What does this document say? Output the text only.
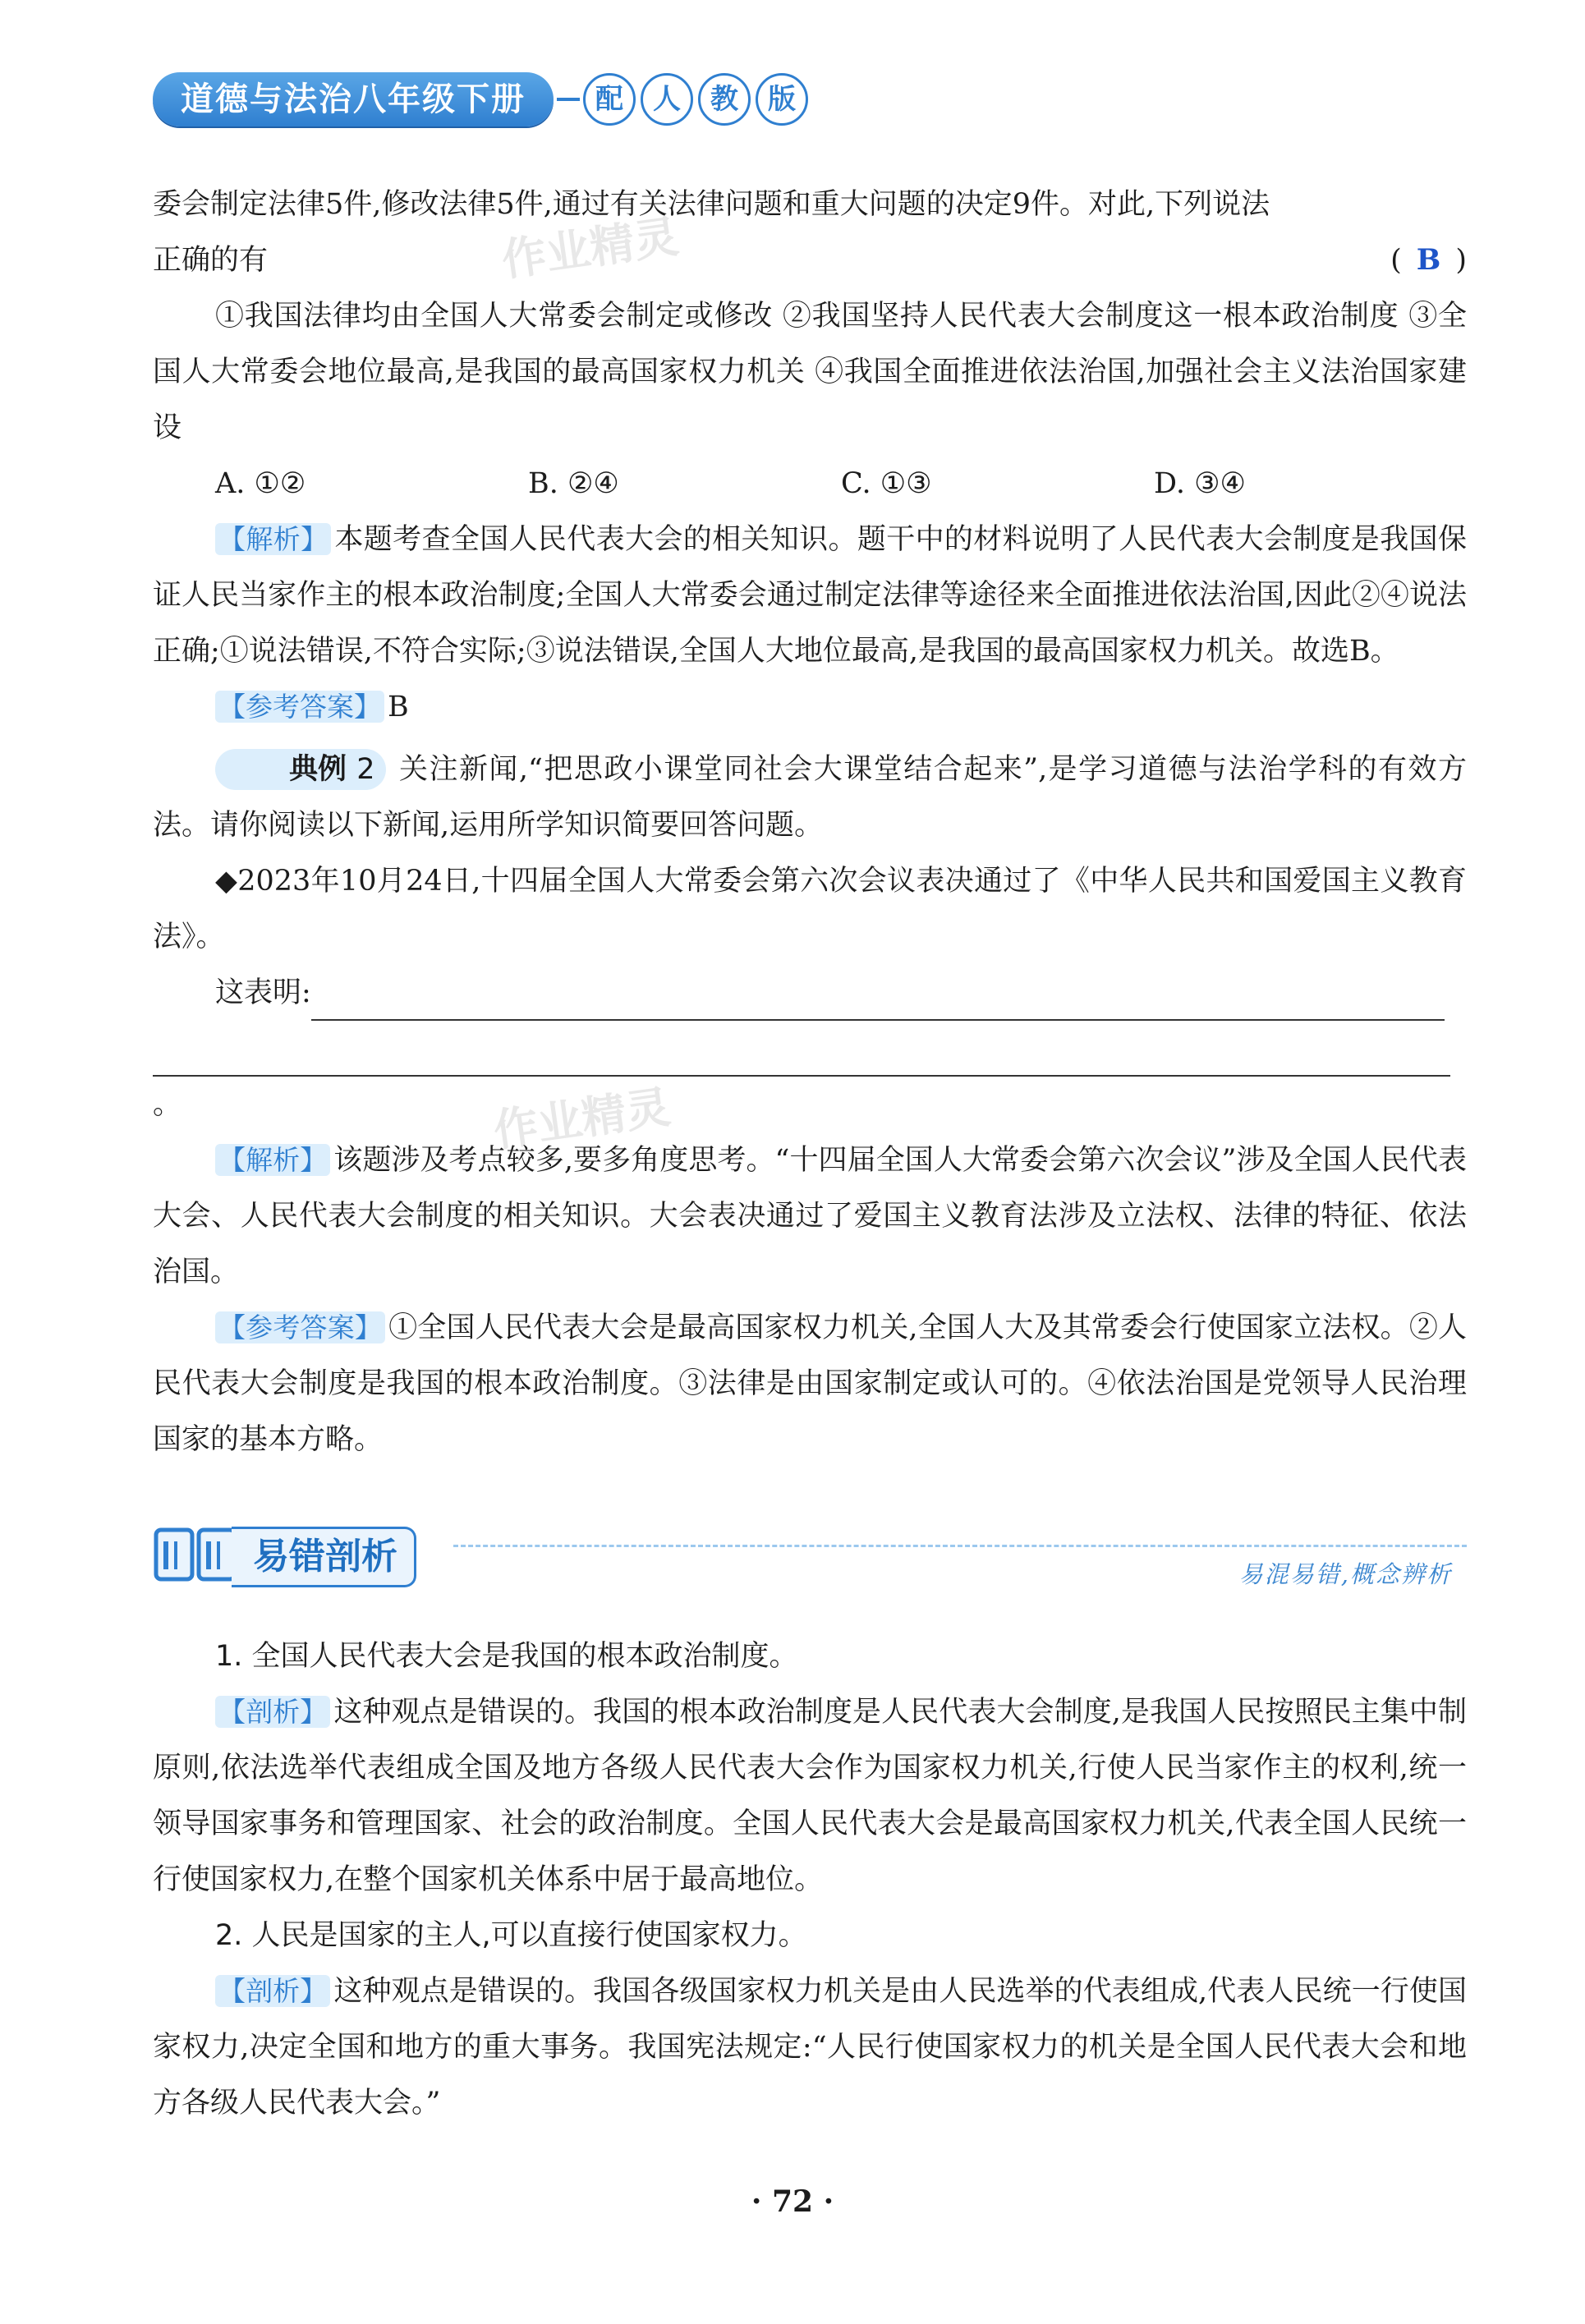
道德与法治八年级下册	配	人	教	版
作业精灵
作业精灵

委会制定法律5件,修改法律5件,通过有关法律问题和重大问题的决定9件。对此,下列说法

正确的有	( B )

①我国法律均由全国人大常委会制定或修改 ②我国坚持人民代表大会制度这一根本政治制度 ③全国人大常委会地位最高,是我国的最高国家权力机关 ④我国全面推进依法治国,加强社会主义法治国家建设

A. ①②	B. ②④	C. ①③	D. ③④

【解析】 本题考查全国人民代表大会的相关知识。题干中的材料说明了人民代表大会制度是我国保证人民当家作主的根本政治制度;全国人大常委会通过制定法律等途径来全面推进依法治国,因此②④说法正确;①说法错误,不符合实际;③说法错误,全国人大地位最高,是我国的最高国家权力机关。故选B。

【参考答案】 B

典例 2 关注新闻,“把思政小课堂同社会大课堂结合起来”,是学习道德与法治学科的有效方法。请你阅读以下新闻,运用所学知识简要回答问题。

◆2023年10月24日,十四届全国人大常委会第六次会议表决通过了《中华人民共和国爱国主义教育法》。

这表明:

。

【解析】 该题涉及考点较多,要多角度思考。“十四届全国人大常委会第六次会议”涉及全国人民代表大会、人民代表大会制度的相关知识。大会表决通过了爱国主义教育法涉及立法权、法律的特征、依法治国。

【参考答案】 ①全国人民代表大会是最高国家权力机关,全国人大及其常委会行使国家立法权。②人民代表大会制度是我国的根本政治制度。③法律是由国家制定或认可的。④依法治国是党领导人民治理国家的基本方略。

易错剖析	易混易错,概念辨析

1. 全国人民代表大会是我国的根本政治制度。

【剖析】 这种观点是错误的。我国的根本政治制度是人民代表大会制度,是我国人民按照民主集中制原则,依法选举代表组成全国及地方各级人民代表大会作为国家权力机关,行使人民当家作主的权利,统一领导国家事务和管理国家、社会的政治制度。全国人民代表大会是最高国家权力机关,代表全国人民统一行使国家权力,在整个国家机关体系中居于最高地位。

2. 人民是国家的主人,可以直接行使国家权力。

【剖析】 这种观点是错误的。我国各级国家权力机关是由人民选举的代表组成,代表人民统一行使国家权力,决定全国和地方的重大事务。我国宪法规定:“人民行使国家权力的机关是全国人民代表大会和地方各级人民代表大会。”

· 72 ·
